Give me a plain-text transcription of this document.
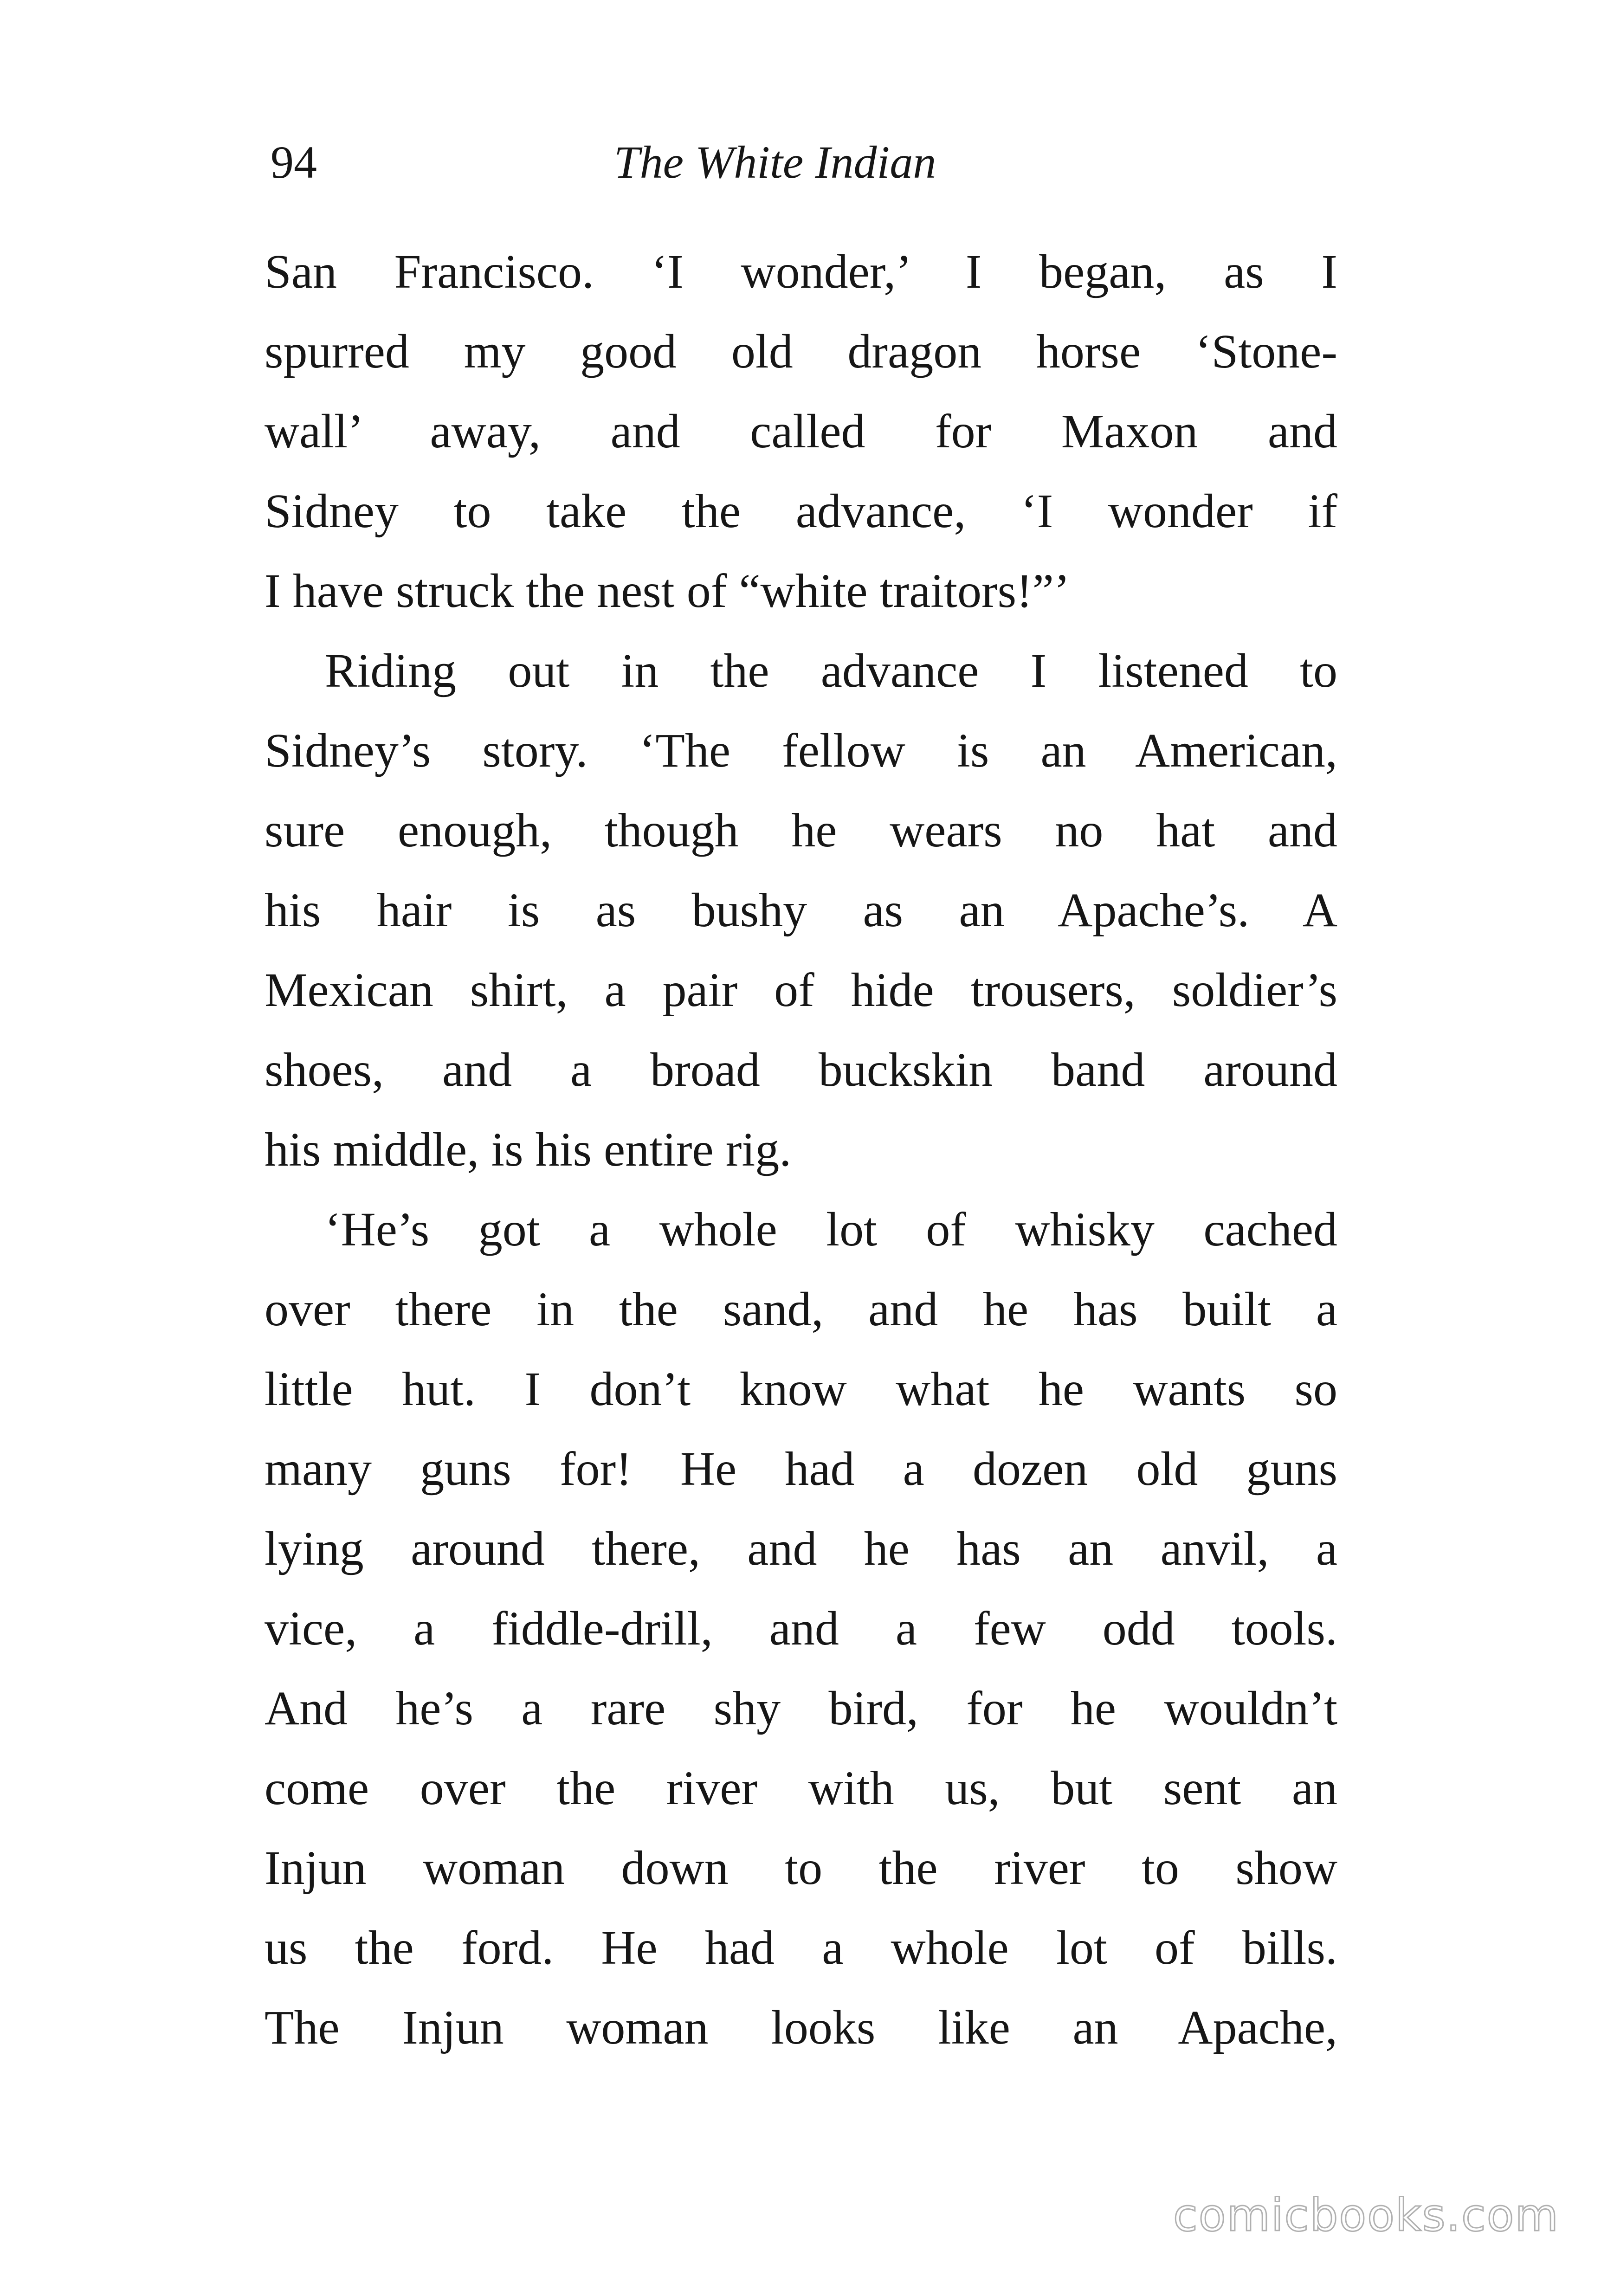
94	The White Indian
San Francisco. ‘I wonder,’ I began, as I
spurred my good old dragon horse ‘Stone-
wall’ away, and called for Maxon and
Sidney to take the advance, ‘I wonder if
I have struck the nest of “white traitors!”’
Riding out in the advance I listened to
Sidney’s story. ‘The fellow is an American,
sure enough, though he wears no hat and
his hair is as bushy as an Apache’s. A
Mexican shirt, a pair of hide trousers, soldier’s
shoes, and a broad buckskin band around
his middle, is his entire rig.
‘He’s got a whole lot of whisky cached
over there in the sand, and he has built a
little hut. I don’t know what he wants so
many guns for! He had a dozen old guns
lying around there, and he has an anvil, a
vice, a fiddle-drill, and a few odd tools.
And he’s a rare shy bird, for he wouldn’t
come over the river with us, but sent an
Injun woman down to the river to show
us the ford. He had a whole lot of bills.
The Injun woman looks like an Apache,
comicbooks.com
